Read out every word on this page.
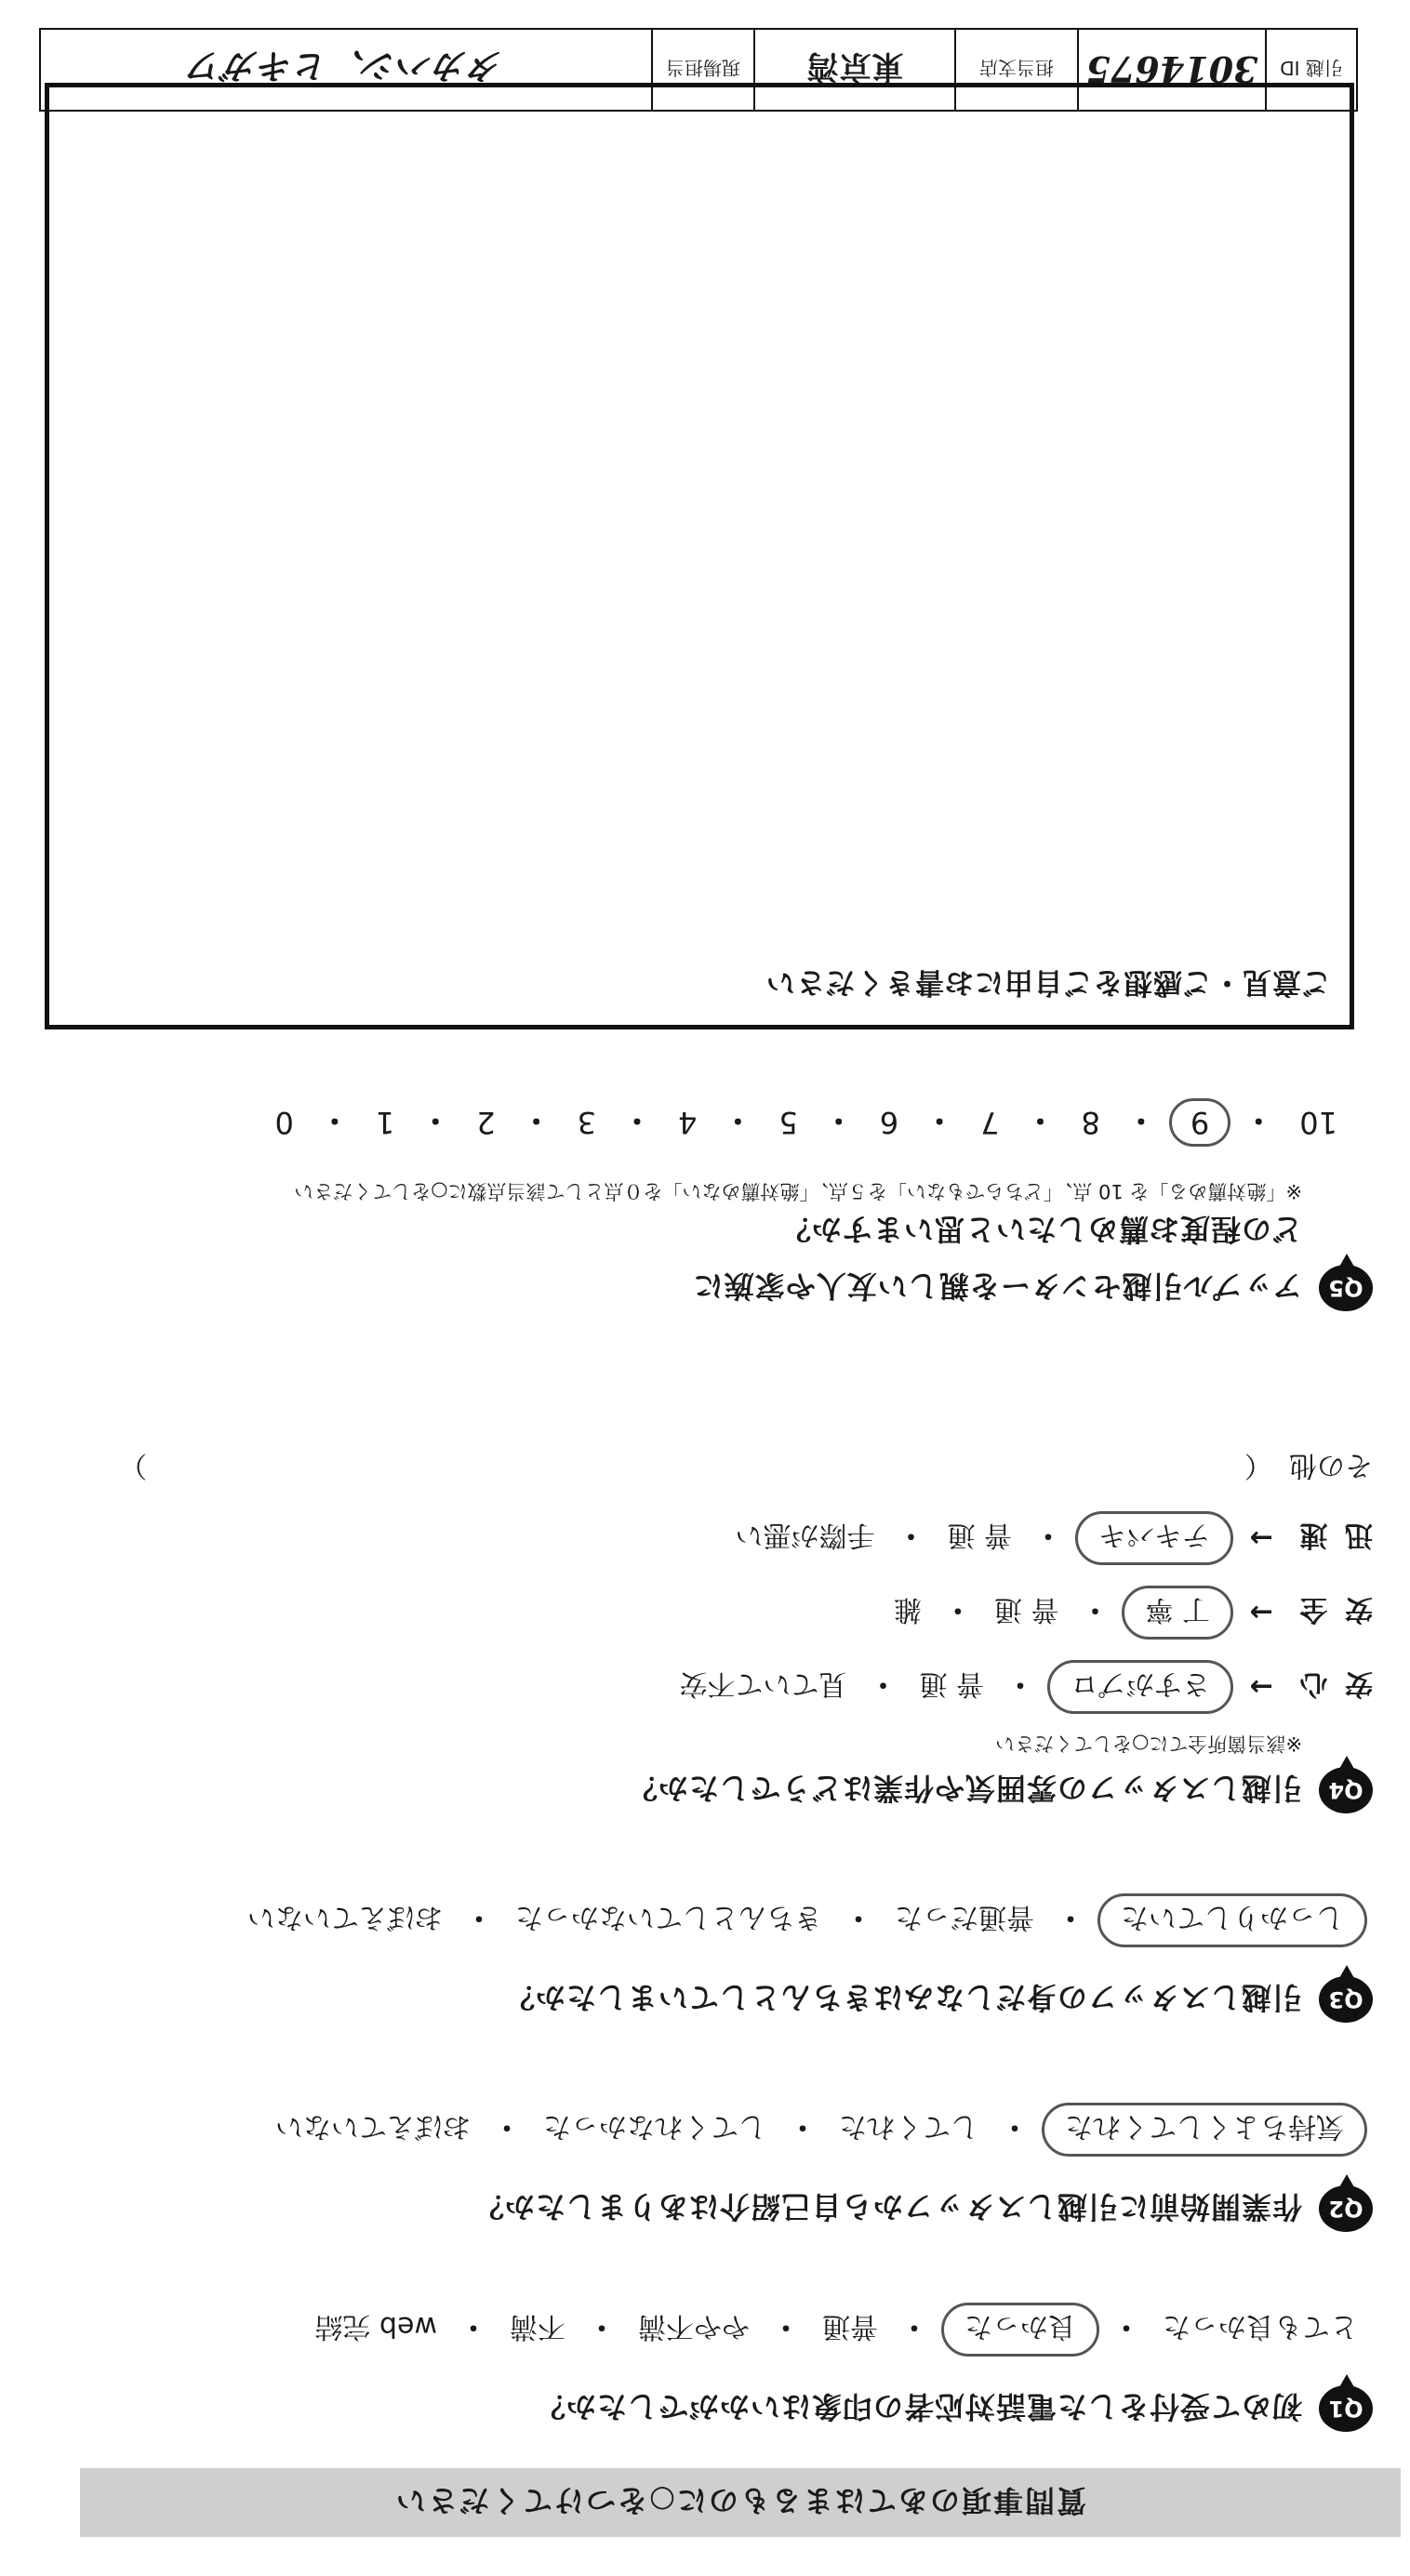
質問事項のあてはまるものに○をつけてください
Q1
初めて受付をした電話対応者の印象はいかがでしたか？
とても良かった
・
良かった
・
普通
・
やや不満
・
不満
・
web 完結
Q2
作業開始前に引越しスタッフから自己紹介はありましたか？
気持ちよくしてくれた
・
してくれた
・
してくれなかった
・
おぼえていない
Q3
引越しスタッフの身だしなみはきちんとしていましたか？
しっかりしていた
・
普通だった
・
きちんとしていなかった
・
おぼえていない
Q4
引越しスタッフの雰囲気や作業はどうでしたか？
※該当箇所全てに○をしてください
安 心
→
さすがプロ
・
普 通
・
見ていて不安
安 全
→
丁 寧
・
普 通
・
雑
迅 速
→
テキパキ
・
普 通
・
手際が悪い
その他
（
）
Q5
アップル引越センターを親しい友人や家族に
どの程度お薦めしたいと思いますか？
※「絶対薦める」を 10 点、「どちらでもない」を５点、「絶対薦めない」を０点として該当点数に○をしてください
10
・
9
・
8
・
7
・
6
・
5
・
4
・
3
・
2
・
1
・
0
ご意見・ご感想をご自由にお書きください
引越 ID
3014675
担当支店
東京湾
現場担当
タカハシ、ヒキガワ
